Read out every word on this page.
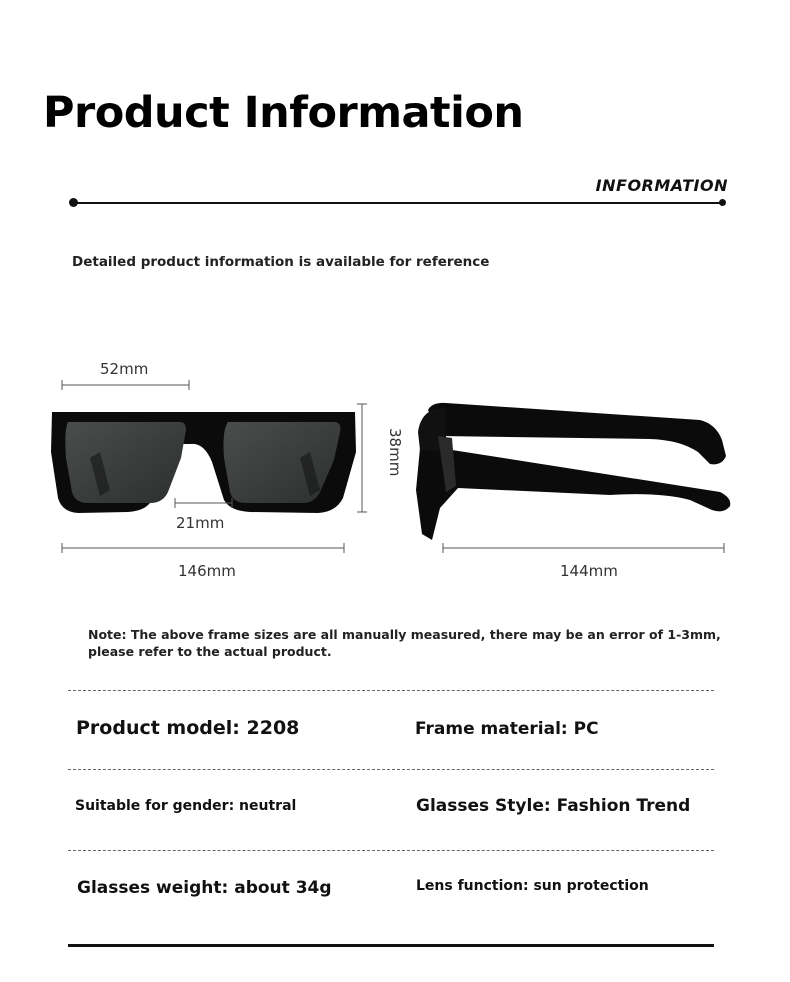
Product Information
INFORMATION
Detailed product information is available for reference
52mm
21mm
146mm
38mm
144mm
Note: The above frame sizes are all manually measured, there may be an error of 1-3mm, please refer to the actual product.
Product model: 2208	Frame material: PC
Suitable for gender: neutral	Glasses Style: Fashion Trend
Glasses weight: about 34g	Lens function: sun protection
